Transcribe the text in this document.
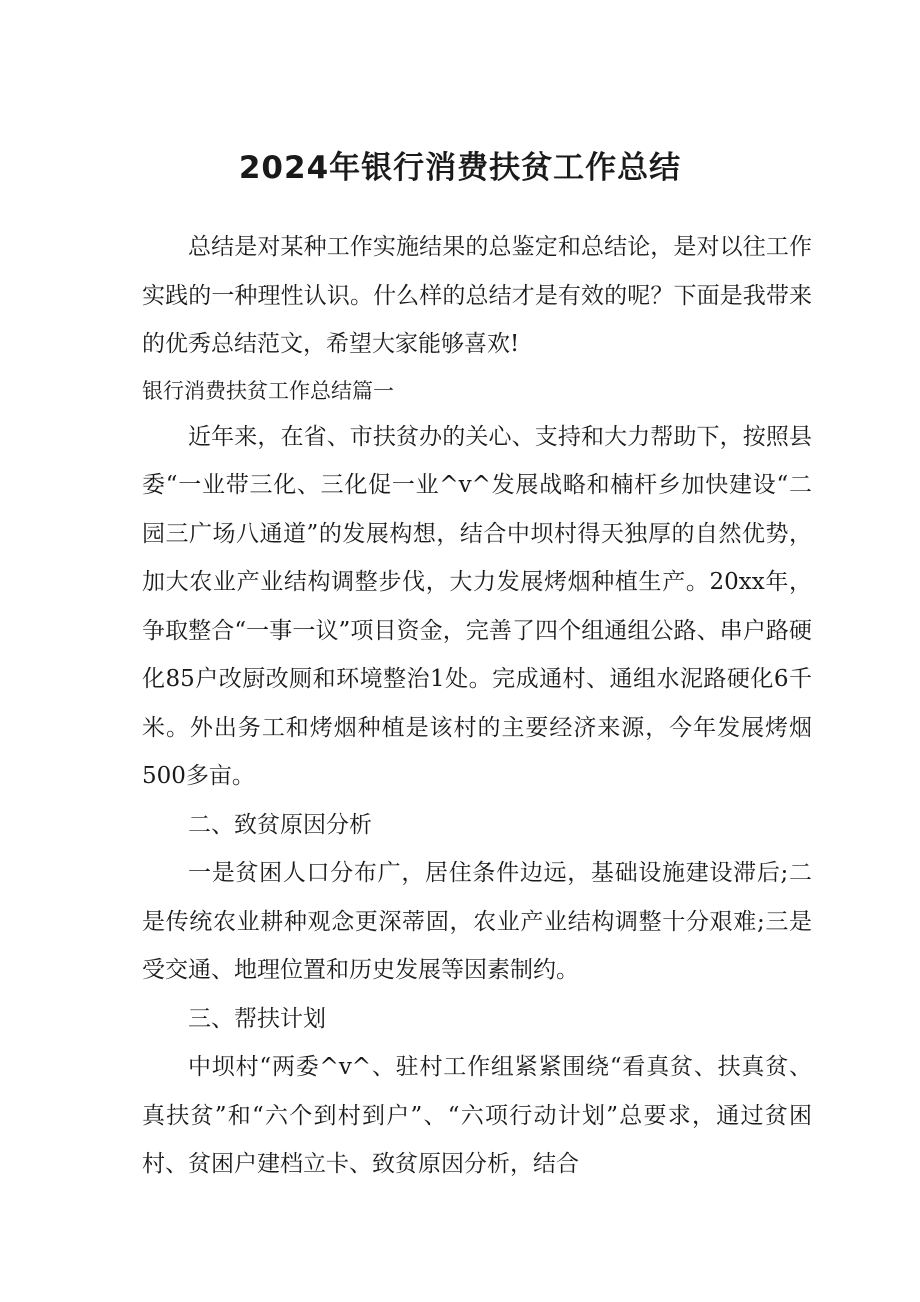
2024年银行消费扶贫工作总结

总结是对某种工作实施结果的总鉴定和总结论，是对以往工作实践的一种理性认识。什么样的总结才是有效的呢？下面是我带来的优秀总结范文，希望大家能够喜欢!

银行消费扶贫工作总结篇一

近年来，在省、市扶贫办的关心、支持和大力帮助下，按照县委“一业带三化、三化促一业^v^发展战略和楠杆乡加快建设“二园三广场八通道”的发展构想，结合中坝村得天独厚的自然优势，加大农业产业结构调整步伐，大力发展烤烟种植生产。20xx年，争取整合“一事一议”项目资金，完善了四个组通组公路、串户路硬化85户改厨改厕和环境整治1处。完成通村、通组水泥路硬化6千米。外出务工和烤烟种植是该村的主要经济来源，今年发展烤烟500多亩。

二、致贫原因分析

一是贫困人口分布广，居住条件边远，基础设施建设滞后;二是传统农业耕种观念更深蒂固，农业产业结构调整十分艰难;三是受交通、地理位置和历史发展等因素制约。

三、帮扶计划

中坝村“两委^v^、驻村工作组紧紧围绕“看真贫、扶真贫、真扶贫”和“六个到村到户”、“六项行动计划”总要求，通过贫困村、贫困户建档立卡、致贫原因分析，结合
